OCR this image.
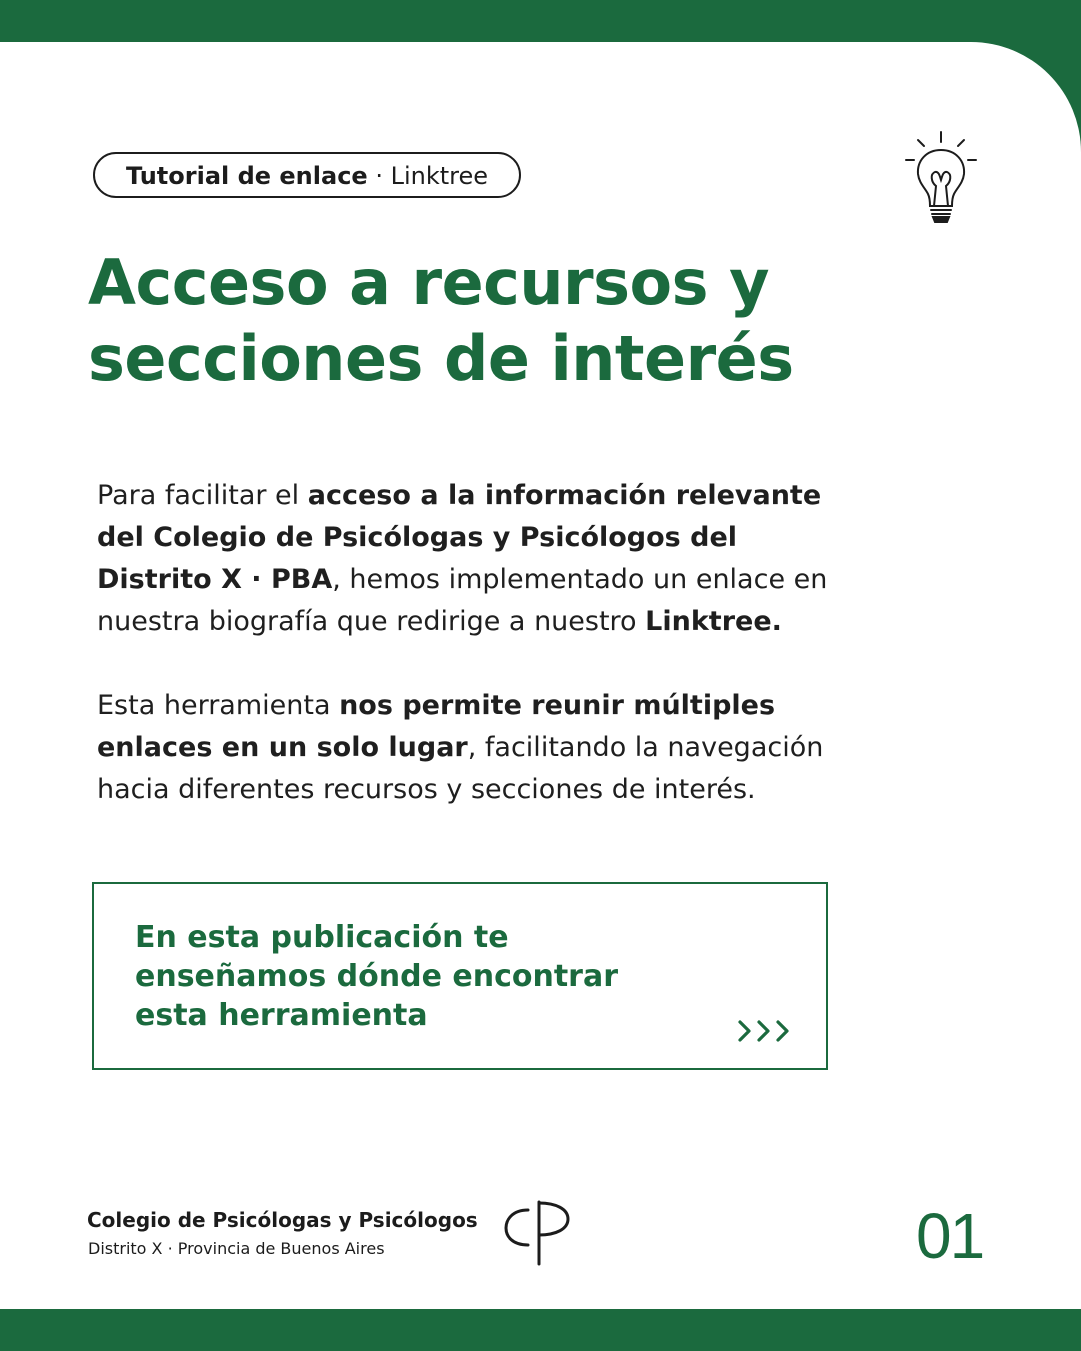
Tutorial de enlace · Linktree
Acceso a recursos y
secciones de interés

Para facilitar el acceso a la información relevante
del Colegio de Psicólogas y Psicólogos del
Distrito X · PBA, hemos implementado un enlace en
nuestra biografía que redirige a nuestro Linktree.

Esta herramienta nos permite reunir múltiples
enlaces en un solo lugar, facilitando la navegación
hacia diferentes recursos y secciones de interés.

En esta publicación te
enseñamos dónde encontrar
esta herramienta

Colegio de Psicólogas y Psicólogos
Distrito X · Provincia de Buenos Aires	01
